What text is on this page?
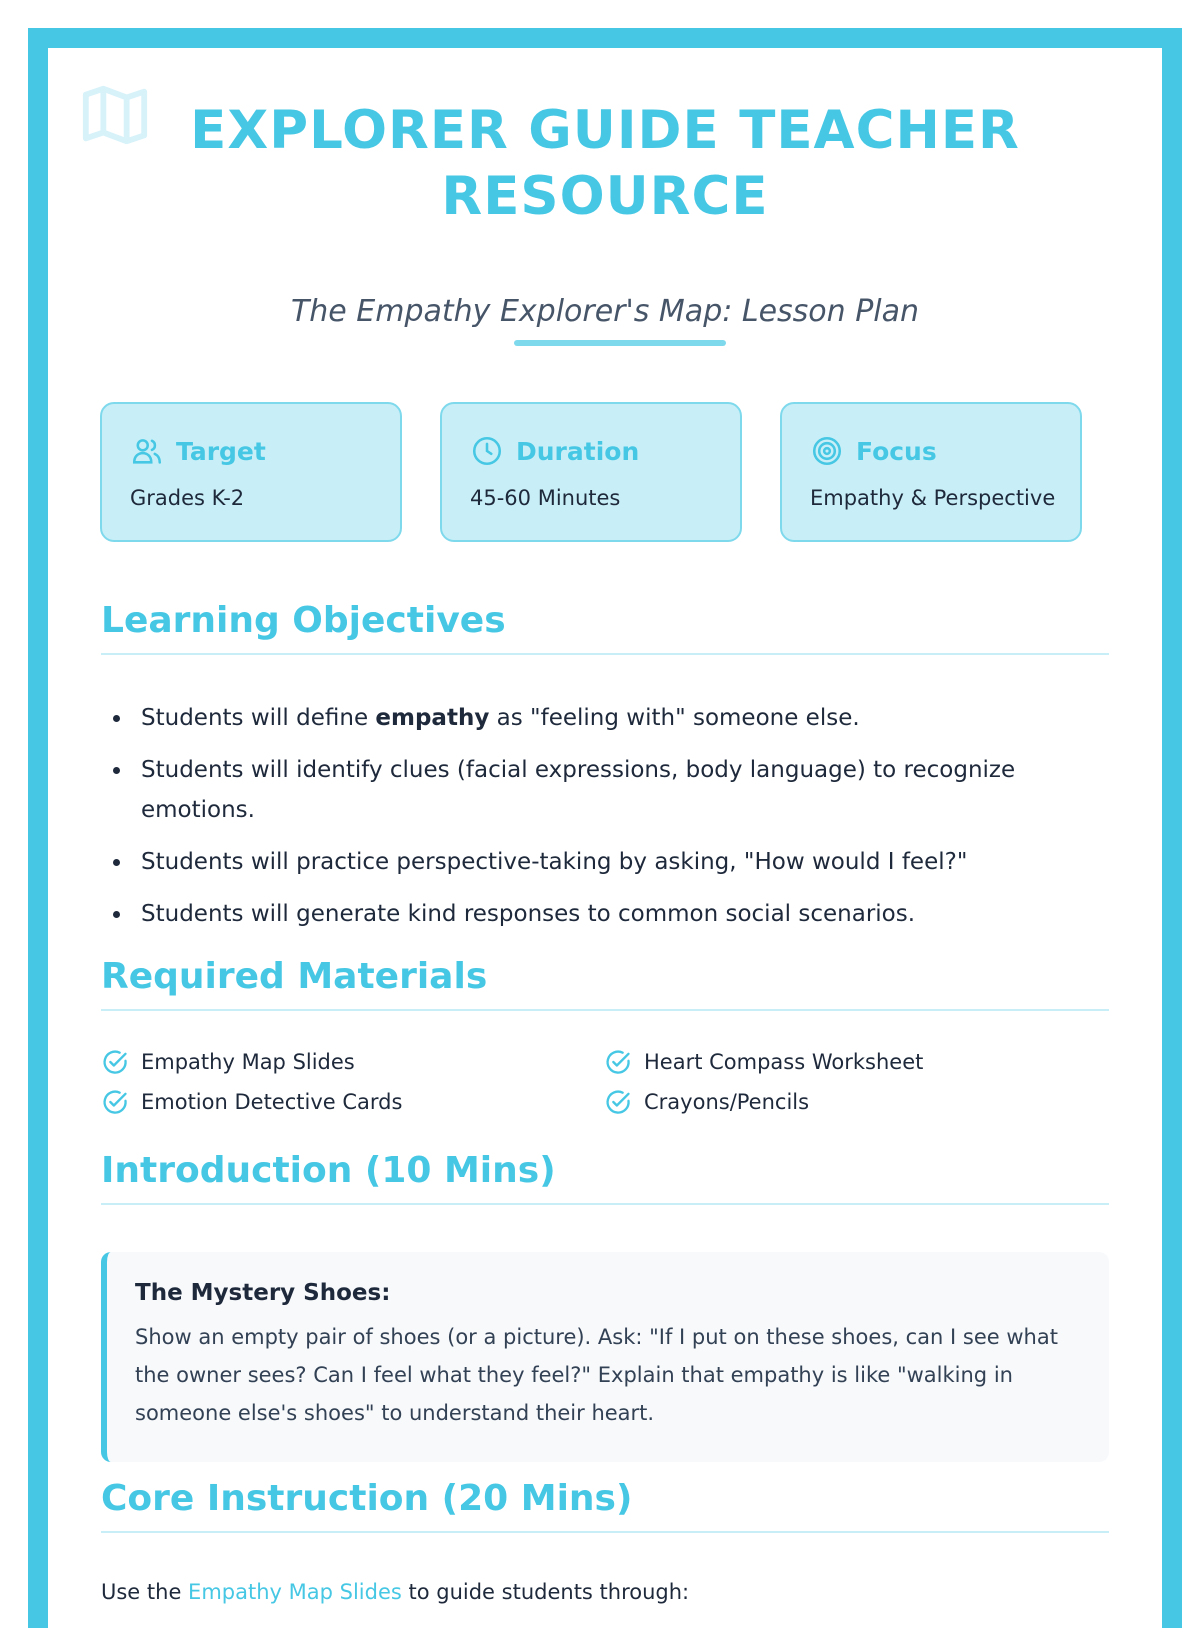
EXPLORER GUIDE TEACHER RESOURCE

The Empathy Explorer's Map: Lesson Plan

Target
Grades K-2
Duration
45-60 Minutes
Focus
Empathy & Perspective
Learning Objectives
Students will define empathy as "feeling with" someone else.
Students will identify clues (facial expressions, body language) to recognize emotions.
Students will practice perspective-taking by asking, "How would I feel?"
Students will generate kind responses to common social scenarios.
Required Materials
Empathy Map Slides	Heart Compass Worksheet
Emotion Detective Cards	Crayons/Pencils
Introduction (10 Mins)
The Mystery Shoes:
Show an empty pair of shoes (or a picture). Ask: "If I put on these shoes, can I see what the owner sees? Can I feel what they feel?" Explain that empathy is like "walking in someone else's shoes" to understand their heart.
Core Instruction (20 Mins)
Use the Empathy Map Slides to guide students through:
